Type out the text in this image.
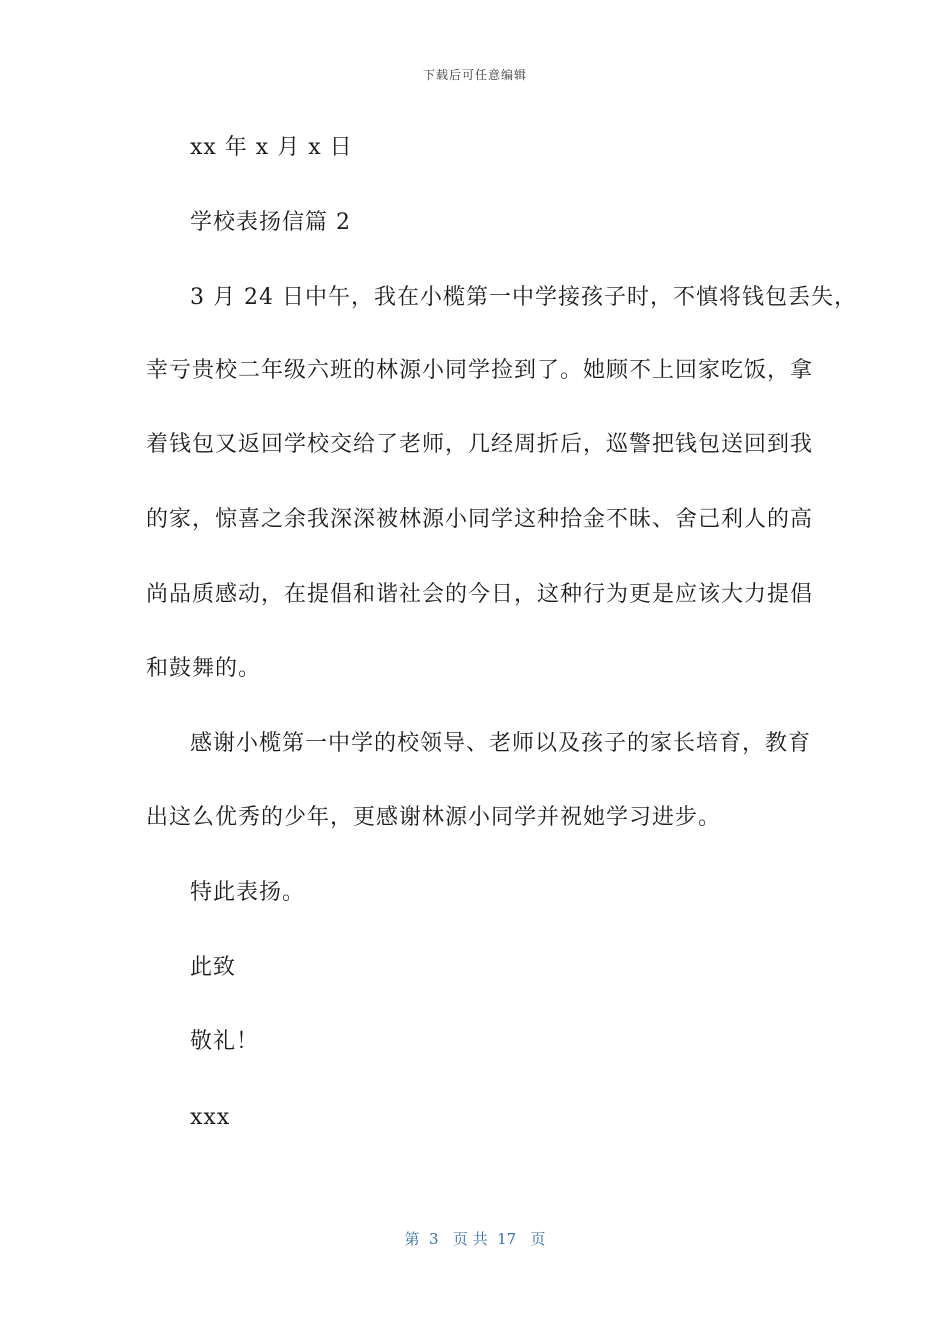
下载后可任意编辑
xx 年 x 月 x 日
学校表扬信篇 2
3 月 24 日中午，我在小榄第一中学接孩子时，不慎将钱包丢失，
幸亏贵校二年级六班的林源小同学捡到了。她顾不上回家吃饭，拿
着钱包又返回学校交给了老师，几经周折后，巡警把钱包送回到我
的家，惊喜之余我深深被林源小同学这种拾金不昧、舍己利人的高
尚品质感动，在提倡和谐社会的今日，这种行为更是应该大力提倡
和鼓舞的。
感谢小榄第一中学的校领导、老师以及孩子的家长培育，教育
出这么优秀的少年，更感谢林源小同学并祝她学习进步。
特此表扬。
此致
敬礼！
xxx
第  3   页 共  17   页
